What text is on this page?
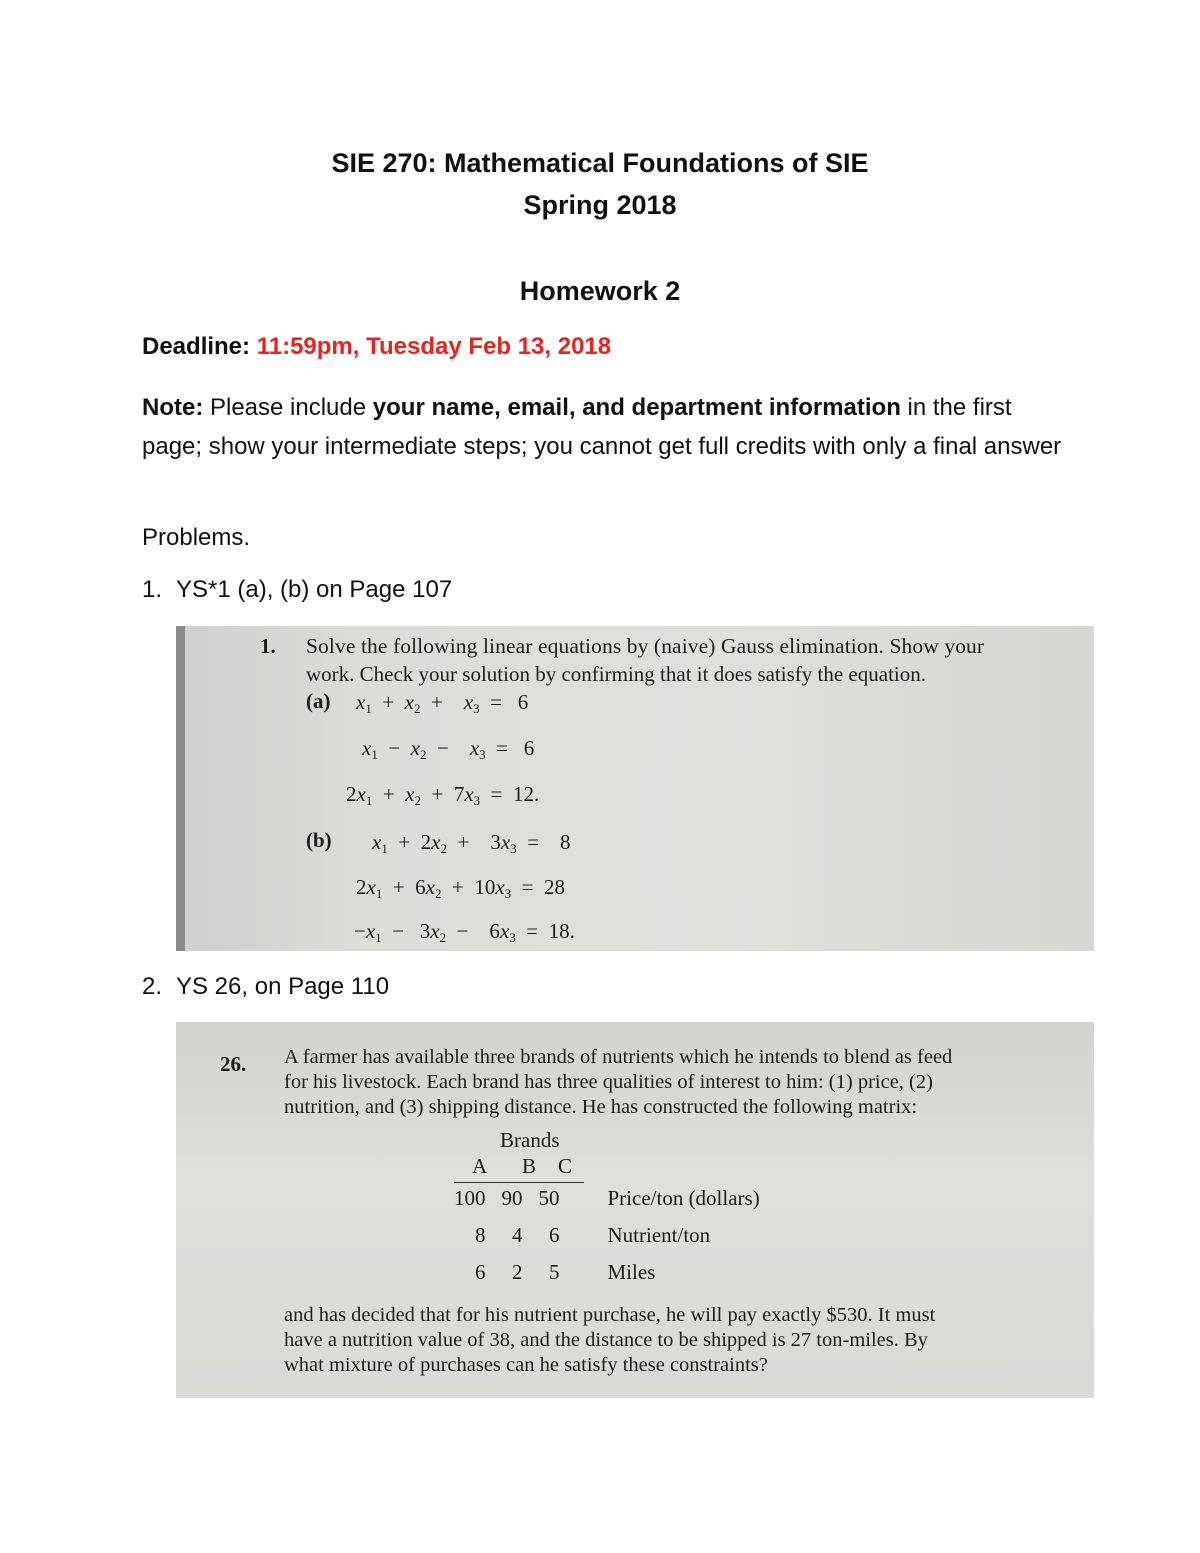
SIE 270: Mathematical Foundations of SIE
Spring 2018
Homework 2
Deadline: 11:59pm, Tuesday Feb 13, 2018
Note: Please include your name, email, and department information in the first page; show your intermediate steps; you cannot get full credits with only a final answer
Problems.
1. YS*1 (a), (b) on Page 107
1. Solve the following linear equations by (naive) Gauss elimination. Show your
work. Check your solution by confirming that it does satisfy the equation.
(a) $x_1 + x_2$  +    $x_3 = 6$
$x_1 - x_2$  −    $x_3 = 6$
$2x_1 + x_2 + 7x_3 = 12$.
(b) $x_1 + 2x_2$  +    $3x_3$  =    8
$2x_1 + 6x_2 + 10x_3 = 28$
$-x_1 - 3x_2$  −    $6x_3 = 18$.
2. YS 26, on Page 110
26. A farmer has available three brands of nutrients which he intends to blend as feed
for his livestock. Each brand has three qualities of interest to him: (1) price, (2)
nutrition, and (3) shipping distance. He has constructed the following matrix:
Brands
A B C
100	90	50	Price/ton (dollars)
8	4	6	Nutrient/ton
6	2	5	Miles
and has decided that for his nutrient purchase, he will pay exactly $530. It must
have a nutrition value of 38, and the distance to be shipped is 27 ton-miles. By
what mixture of purchases can he satisfy these constraints?
